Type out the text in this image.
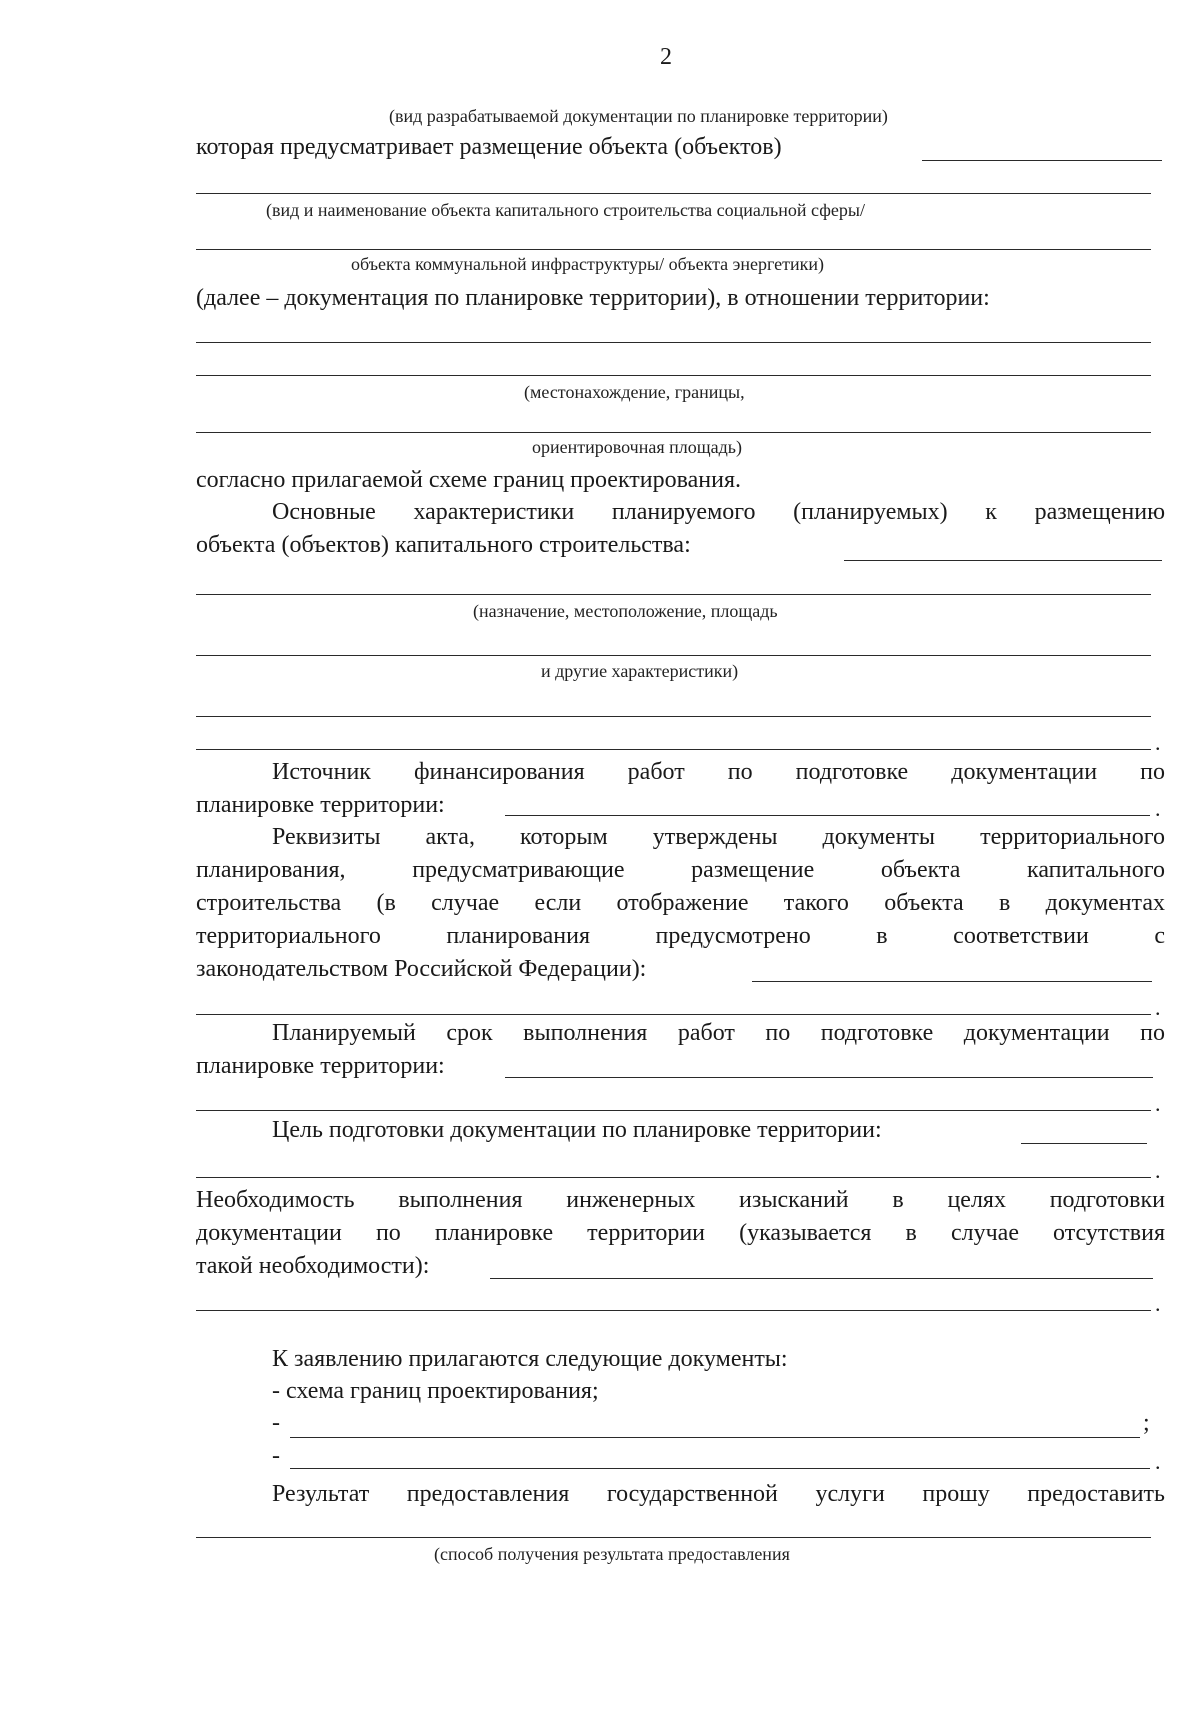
2
(вид разрабатываемой документации по планировке территории)
которая предусматривает размещение объекта (объектов)
(вид и наименование объекта капитального строительства социальной сферы/
объекта коммунальной инфраструктуры/ объекта энергетики)
(далее – документация по планировке территории), в отношении территории:
(местонахождение, границы,
ориентировочная площадь)
согласно прилагаемой схеме границ проектирования.
Основные характеристики планируемого (планируемых) к размещению
объекта (объектов) капитального строительства:
(назначение, местоположение, площадь
и другие характеристики)
.
Источник финансирования работ по подготовке документации по
планировке территории:	.
Реквизиты акта, которым утверждены документы территориального
планирования, предусматривающие размещение объекта капитального
строительства (в случае если отображение такого объекта в документах
территориального планирования предусмотрено в соответствии с
законодательством Российской Федерации):
.
Планируемый срок выполнения работ по подготовке документации по
планировке территории:
.
Цель подготовки документации по планировке территории:
.
Необходимость выполнения инженерных изысканий в целях подготовки
документации по планировке территории (указывается в случае отсутствия
такой необходимости):
.
К заявлению прилагаются следующие документы:
- схема границ проектирования;
-	;
-	.
Результат предоставления государственной услуги прошу предоставить
(способ получения результата предоставления
